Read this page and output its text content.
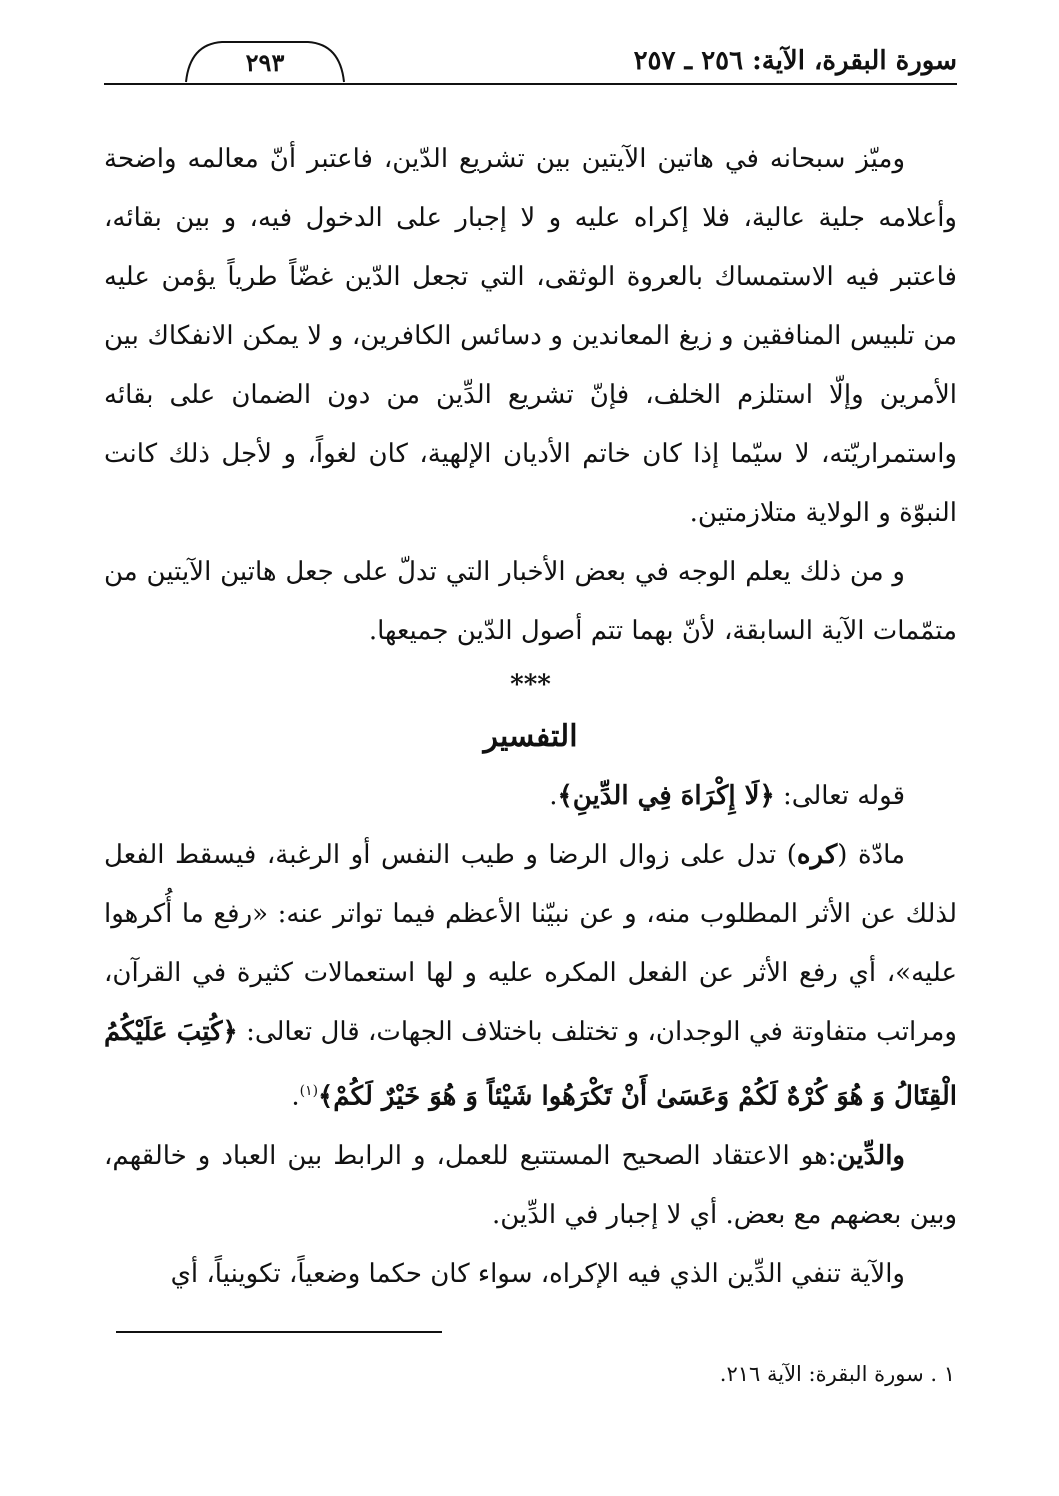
سورة البقرة، الآية: ٢٥٦ ـ ٢٥٧
٢٩٣

وميّز سبحانه في هاتين الآيتين بين تشريع الدّين، فاعتبر أنّ معالمه واضحة وأعلامه جلية عالية، فلا إكراه عليه و لا إجبار على الدخول فيه، و بين بقائه، فاعتبر فيه الاستمساك بالعروة الوثقى، التي تجعل الدّين غضّاً طرياً يؤمن عليه من تلبيس المنافقين و زيغ المعاندين و دسائس الكافرين، و لا يمكن الانفكاك بين الأمرين وإلّا استلزم الخلف، فإنّ تشريع الدِّين من دون الضمان على بقائه واستمراريّته، لا سيّما إذا كان خاتم الأديان الإلهية، كان لغواً، و لأجل ذلك كانت النبوّة و الولاية متلازمتين.

و من ذلك يعلم الوجه في بعض الأخبار التي تدلّ على جعل هاتين الآيتين من متمّمات الآية السابقة، لأنّ بهما تتم أصول الدّين جميعها.

***
التفسير

قوله تعالى: ﴿لَا إِكْرَاهَ فِي الدِّينِ﴾.

مادّة (كره) تدل على زوال الرضا و طيب النفس أو الرغبة، فيسقط الفعل لذلك عن الأثر المطلوب منه، و عن نبيّنا الأعظم فيما تواتر عنه: «رفع ما أُكرهوا عليه»، أي رفع الأثر عن الفعل المكره عليه و لها استعمالات كثيرة في القرآن، ومراتب متفاوتة في الوجدان، و تختلف باختلاف الجهات، قال تعالى: ﴿كُتِبَ عَلَيْكُمُ الْقِتَالُ وَ هُوَ كُرْهٌ لَكُمْ وَعَسَىٰ أَنْ تَكْرَهُوا شَيْئاً وَ هُوَ خَيْرٌ لَكُمْ﴾$^{(١)}$.

والدِّين:هو الاعتقاد الصحيح المستتبع للعمل، و الرابط بين العباد و خالقهم، وبين بعضهم مع بعض. أي لا إجبار في الدِّين.

والآية تنفي الدِّين الذي فيه الإكراه، سواء كان حكما وضعياً، تكوينياً، أي

١ . سورة البقرة: الآية ٢١٦.
